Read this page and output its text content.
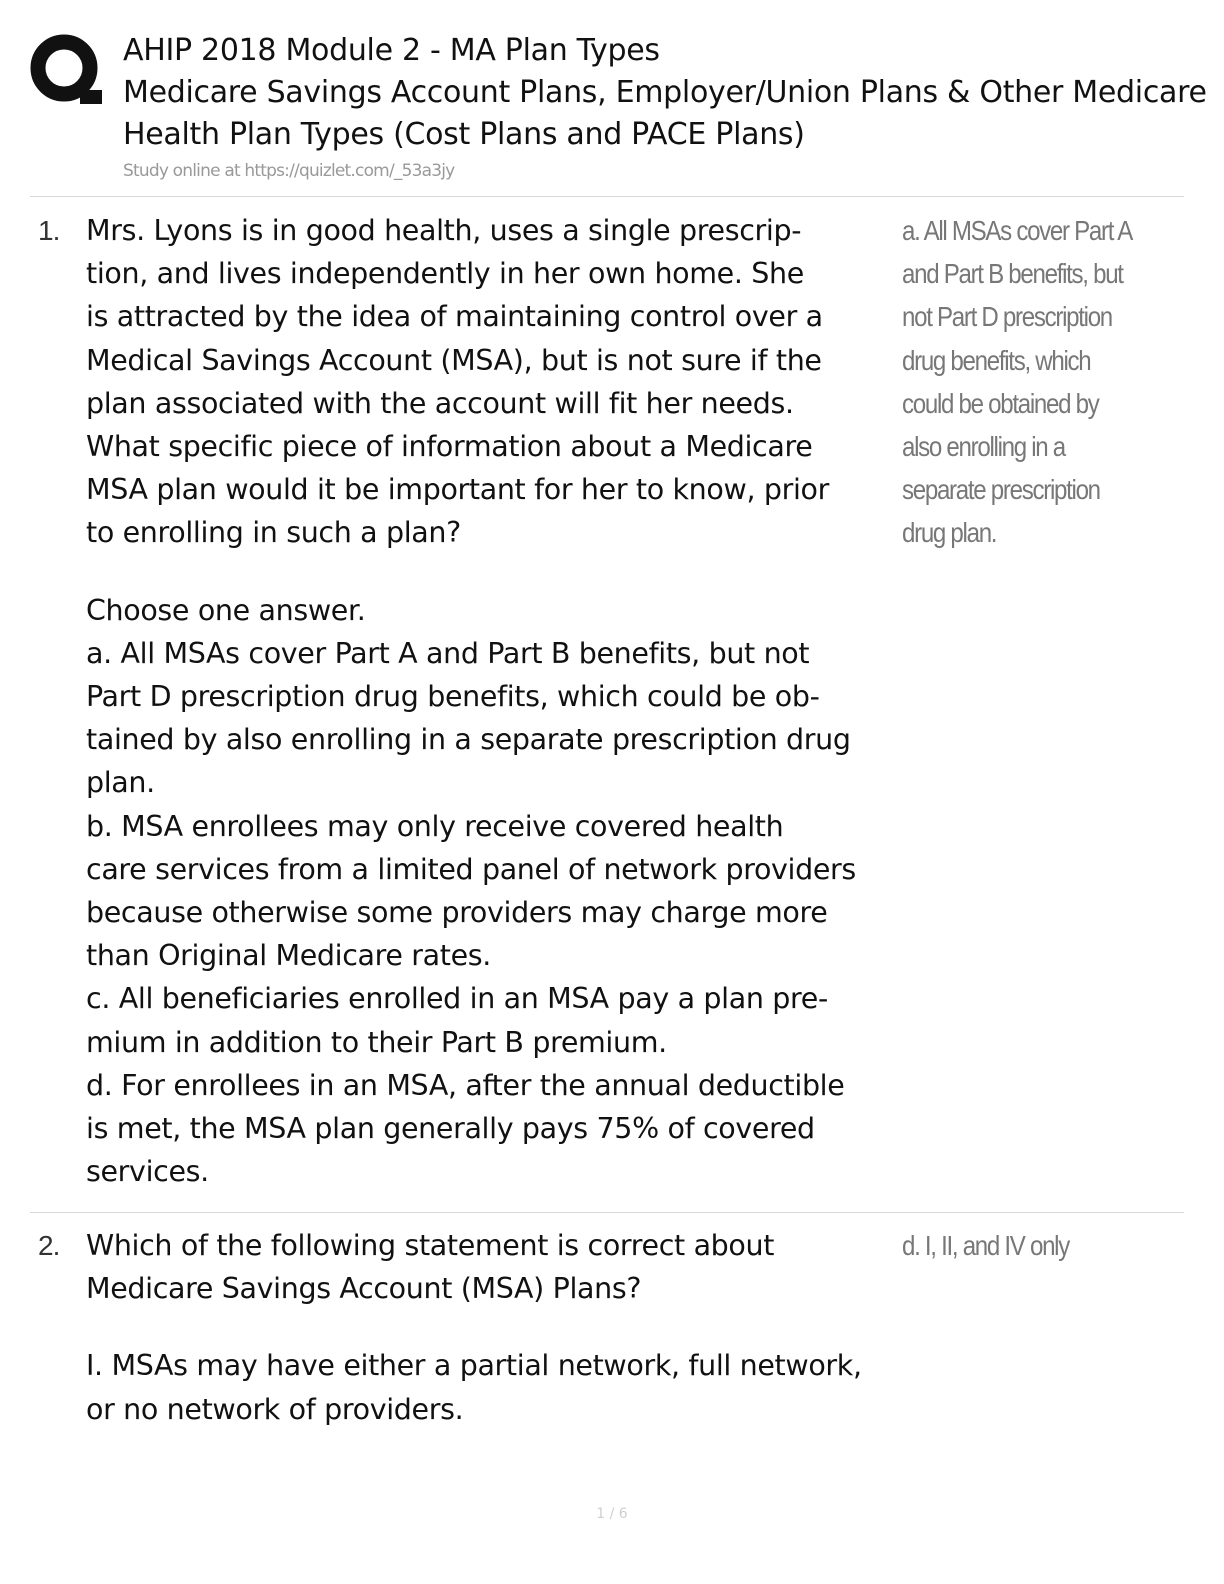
AHIP 2018 Module 2 - MA Plan Types
Medicare Savings Account Plans, Employer/Union Plans & Other Medicare
Health Plan Types (Cost Plans and PACE Plans)
Study online at https://quizlet.com/_53a3jy
1. Mrs. Lyons is in good health, uses a single prescrip-
tion, and lives independently in her own home. She
is attracted by the idea of maintaining control over a
Medical Savings Account (MSA), but is not sure if the
plan associated with the account will fit her needs.
What specific piece of information about a Medicare
MSA plan would it be important for her to know, prior
to enrolling in such a plan?

Choose one answer.
a. All MSAs cover Part A and Part B benefits, but not
Part D prescription drug benefits, which could be ob-
tained by also enrolling in a separate prescription drug
plan.
b. MSA enrollees may only receive covered health
care services from a limited panel of network providers
because otherwise some providers may charge more
than Original Medicare rates.
c. All beneficiaries enrolled in an MSA pay a plan pre-
mium in addition to their Part B premium.
d. For enrollees in an MSA, after the annual deductible
is met, the MSA plan generally pays 75% of covered
services.

a. All MSAs cover Part A and Part B benefits, but not Part D prescription drug benefits, which could be obtained by also enrolling in a separate prescription drug plan.
2. Which of the following statement is correct about
Medicare Savings Account (MSA) Plans?

I. MSAs may have either a partial network, full network,
or no network of providers.

d. I, II, and IV only
1 / 6
